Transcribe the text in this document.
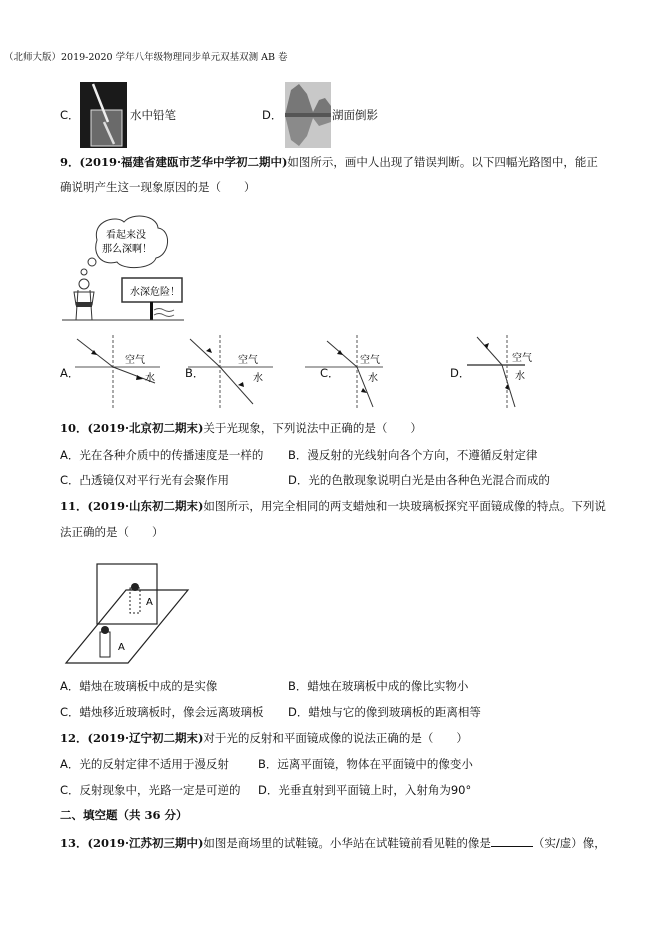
（北师大版）2019-2020 学年八年级物理同步单元双基双测 AB 卷
C．	水中铅笔	D．	湖面倒影
9．(2019·福建省建瓯市芝华中学初二期中)如图所示，画中人出现了错误判断。以下四幅光路图中，能正
确说明产生这一现象原因的是（　　）
看起来没
那么深啊！
水深危险！
A．
空气
水	B．
空气
水	C．
空气
水	D．
空气
水
10．(2019·北京初二期末)关于光现象，下列说法中正确的是（　　）
A．光在各种介质中的传播速度是一样的 B．漫反射的光线射向各个方向，不遵循反射定律
C．凸透镜仅对平行光有会聚作用	D．光的色散现象说明白光是由各种色光混合而成的
11．(2019·山东初二期末)如图所示，用完全相同的两支蜡烛和一块玻璃板探究平面镜成像的特点。下列说
法正确的是（　　）
A
A
A．蜡烛在玻璃板中成的是实像	B．蜡烛在玻璃板中成的像比实物小
C．蜡烛移近玻璃板时，像会远离玻璃板 D．蜡烛与它的像到玻璃板的距离相等
12．(2019·辽宁初二期末)对于光的反射和平面镜成像的说法正确的是（　　）
A．光的反射定律不适用于漫反射	B．远离平面镜，物体在平面镜中的像变小
C．反射现象中，光路一定是可逆的 D．光垂直射到平面镜上时，入射角为90°
二、填空题（共 36 分）
13．(2019·江苏初三期中)如图是商场里的试鞋镜。小华站在试鞋镜前看见鞋的像是	（实/虚）像，
